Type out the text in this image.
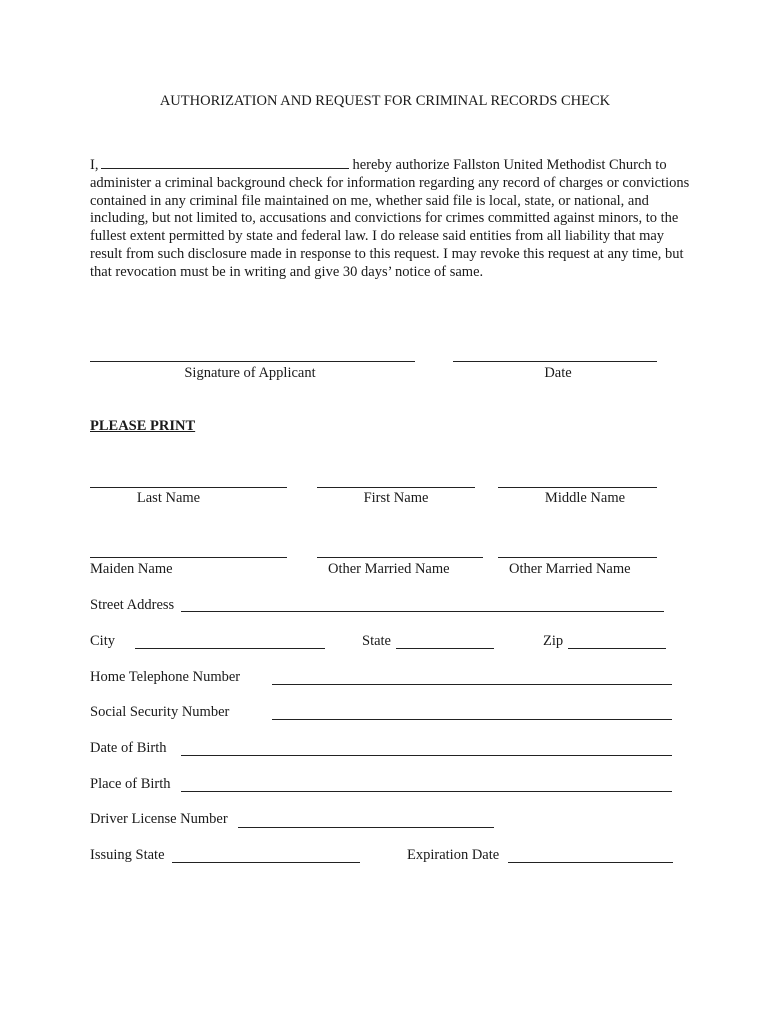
AUTHORIZATION AND REQUEST FOR CRIMINAL RECORDS CHECK
I,	hereby authorize Fallston United Methodist Church to administer a criminal background check for information regarding any record of charges or convictions contained in any criminal file maintained on me, whether said file is local, state, or national, and including, but not limited to, accusations and convictions for crimes committed against minors, to the fullest extent permitted by state and federal law. I do release said entities from all liability that may result from such disclosure made in response to this request. I may revoke this request at any time, but that revocation must be in writing and give 30 days’ notice of same.
Signature of Applicant	Date
PLEASE PRINT
Last Name	First Name	Middle Name
Maiden Name	Other Married Name	Other Married Name
Street Address
City	State	Zip
Home Telephone Number
Social Security Number
Date of Birth
Place of Birth
Driver License Number
Issuing State	Expiration Date
